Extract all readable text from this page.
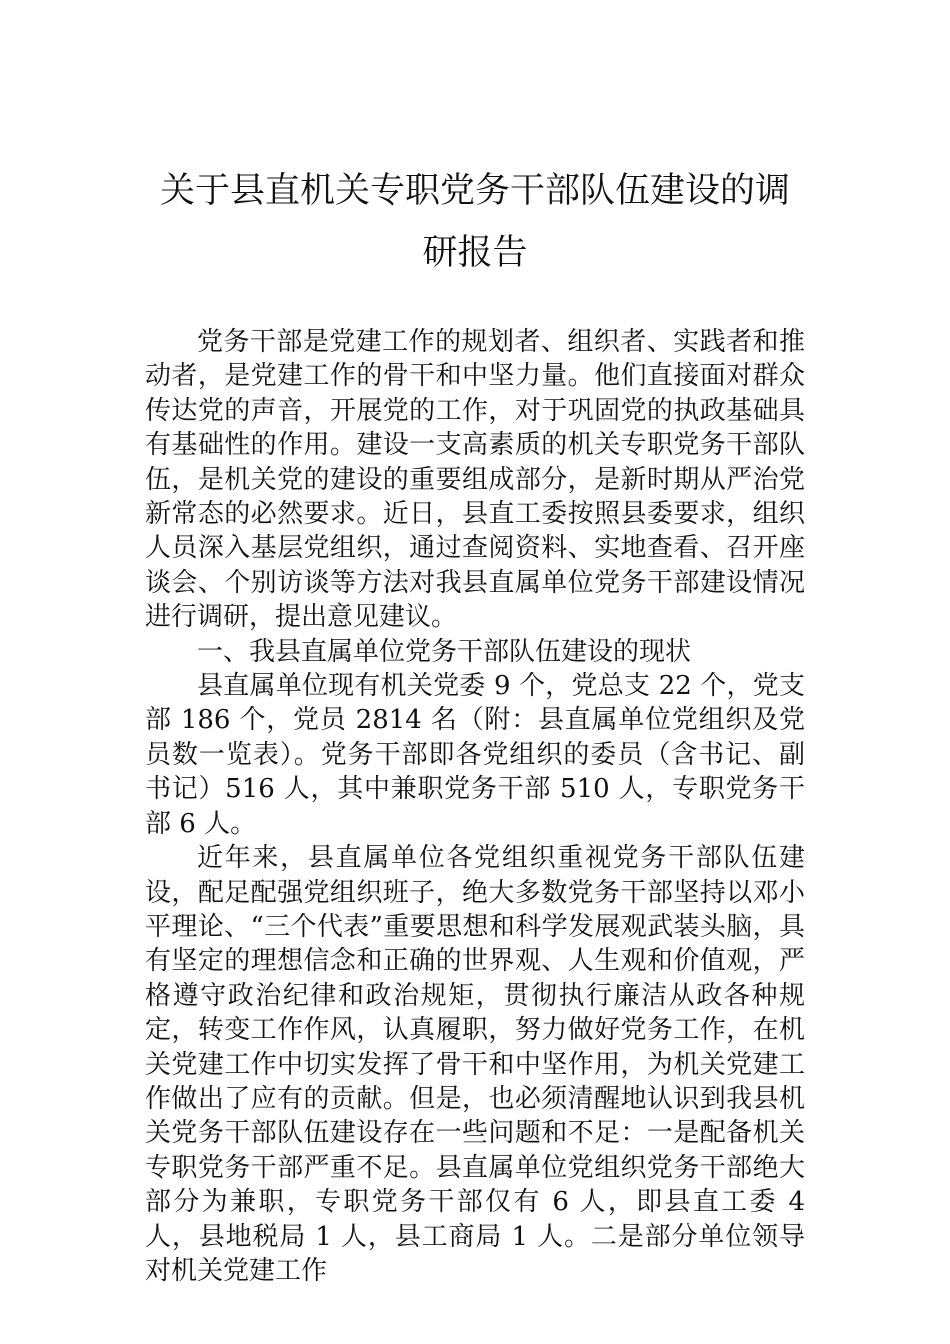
关于县直机关专职党务干部队伍建设的调研报告

党务干部是党建工作的规划者、组织者、实践者和推动者，是党建工作的骨干和中坚力量。他们直接面对群众传达党的声音，开展党的工作，对于巩固党的执政基础具有基础性的作用。建设一支高素质的机关专职党务干部队伍，是机关党的建设的重要组成部分，是新时期从严治党新常态的必然要求。近日，县直工委按照县委要求，组织人员深入基层党组织，通过查阅资料、实地查看、召开座谈会、个别访谈等方法对我县直属单位党务干部建设情况进行调研，提出意见建议。

一、我县直属单位党务干部队伍建设的现状

县直属单位现有机关党委 9 个，党总支 22 个，党支部 186 个，党员 2814 名（附：县直属单位党组织及党员数一览表）。党务干部即各党组织的委员（含书记、副书记）516 人，其中兼职党务干部 510 人，专职党务干部 6 人。

近年来，县直属单位各党组织重视党务干部队伍建设，配足配强党组织班子，绝大多数党务干部坚持以邓小平理论、“三个代表”重要思想和科学发展观武装头脑，具有坚定的理想信念和正确的世界观、人生观和价值观，严格遵守政治纪律和政治规矩，贯彻执行廉洁从政各种规定，转变工作作风，认真履职，努力做好党务工作，在机关党建工作中切实发挥了骨干和中坚作用，为机关党建工作做出了应有的贡献。但是，也必须清醒地认识到我县机关党务干部队伍建设存在一些问题和不足：一是配备机关专职党务干部严重不足。县直属单位党组织党务干部绝大部分为兼职，专职党务干部仅有 6 人，即县直工委 4 人，县地税局 1 人，县工商局 1 人。二是部分单位领导对机关党建工作
